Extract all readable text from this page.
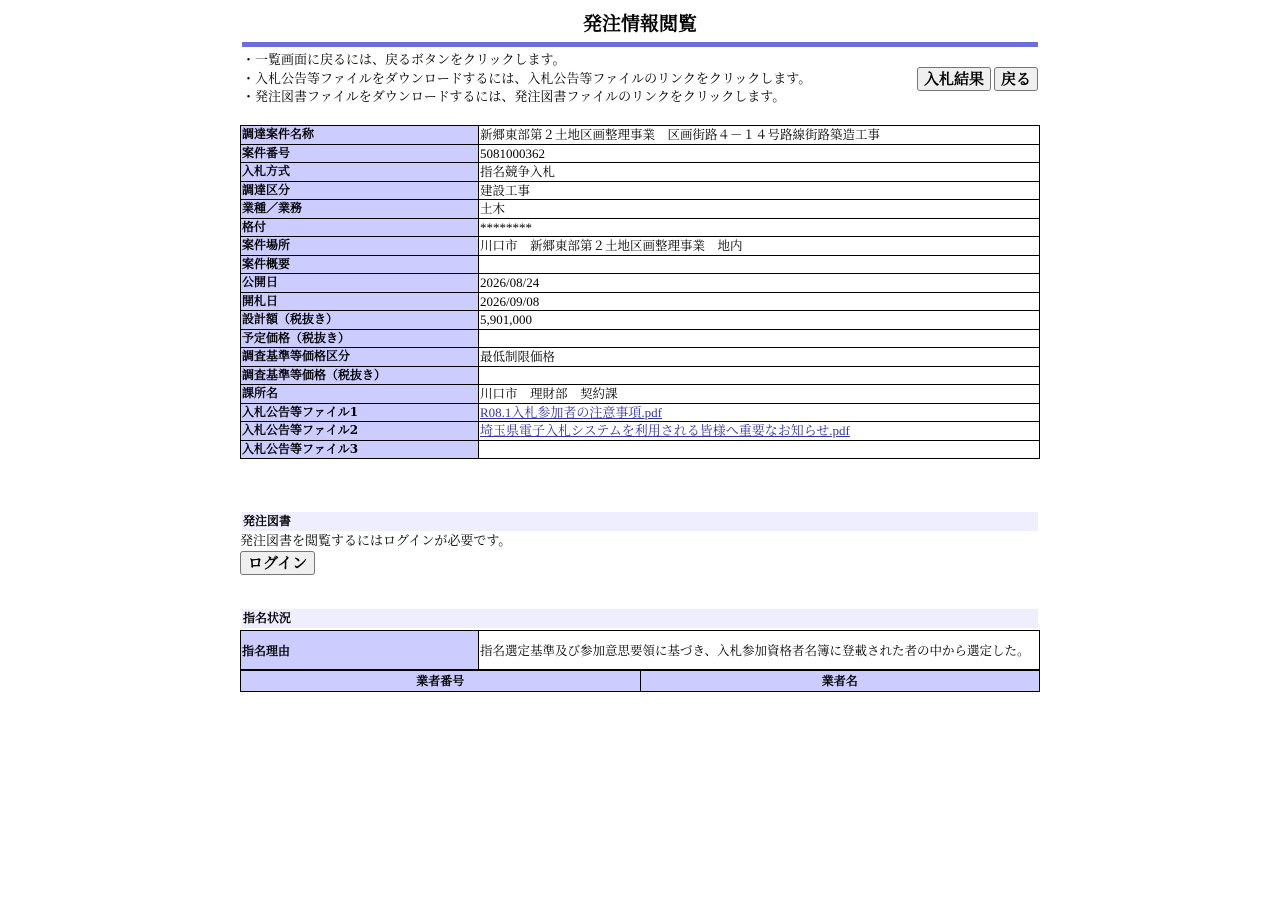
発注情報閲覧
・一覧画面に戻るには、戻るボタンをクリックします。
・入札公告等ファイルをダウンロードするには、入札公告等ファイルのリンクをクリックします。
・発注図書ファイルをダウンロードするには、発注図書ファイルのリンクをクリックします。
入札結果	戻る
調達案件名称	新郷東部第２土地区画整理事業　区画街路４－１４号路線街路築造工事
案件番号	5081000362
入札方式	指名競争入札
調達区分	建設工事
業種／業務	土木
格付	********
案件場所	川口市　新郷東部第２土地区画整理事業　地内
案件概要	
公開日	2026/08/24
開札日	2026/09/08
設計額（税抜き）	5,901,000
予定価格（税抜き）	
調査基準等価格区分	最低制限価格
調査基準等価格（税抜き）	
課所名	川口市　理財部　契約課
入札公告等ファイル1	R08.1入札参加者の注意事項.pdf
入札公告等ファイル2	埼玉県電子入札システムを利用される皆様へ重要なお知らせ.pdf
入札公告等ファイル3	
発注図書
発注図書を閲覧するにはログインが必要です。
ログイン
指名状況
指名理由	指名選定基準及び参加意思要領に基づき、入札参加資格者名簿に登載された者の中から選定した。
業者番号	業者名
